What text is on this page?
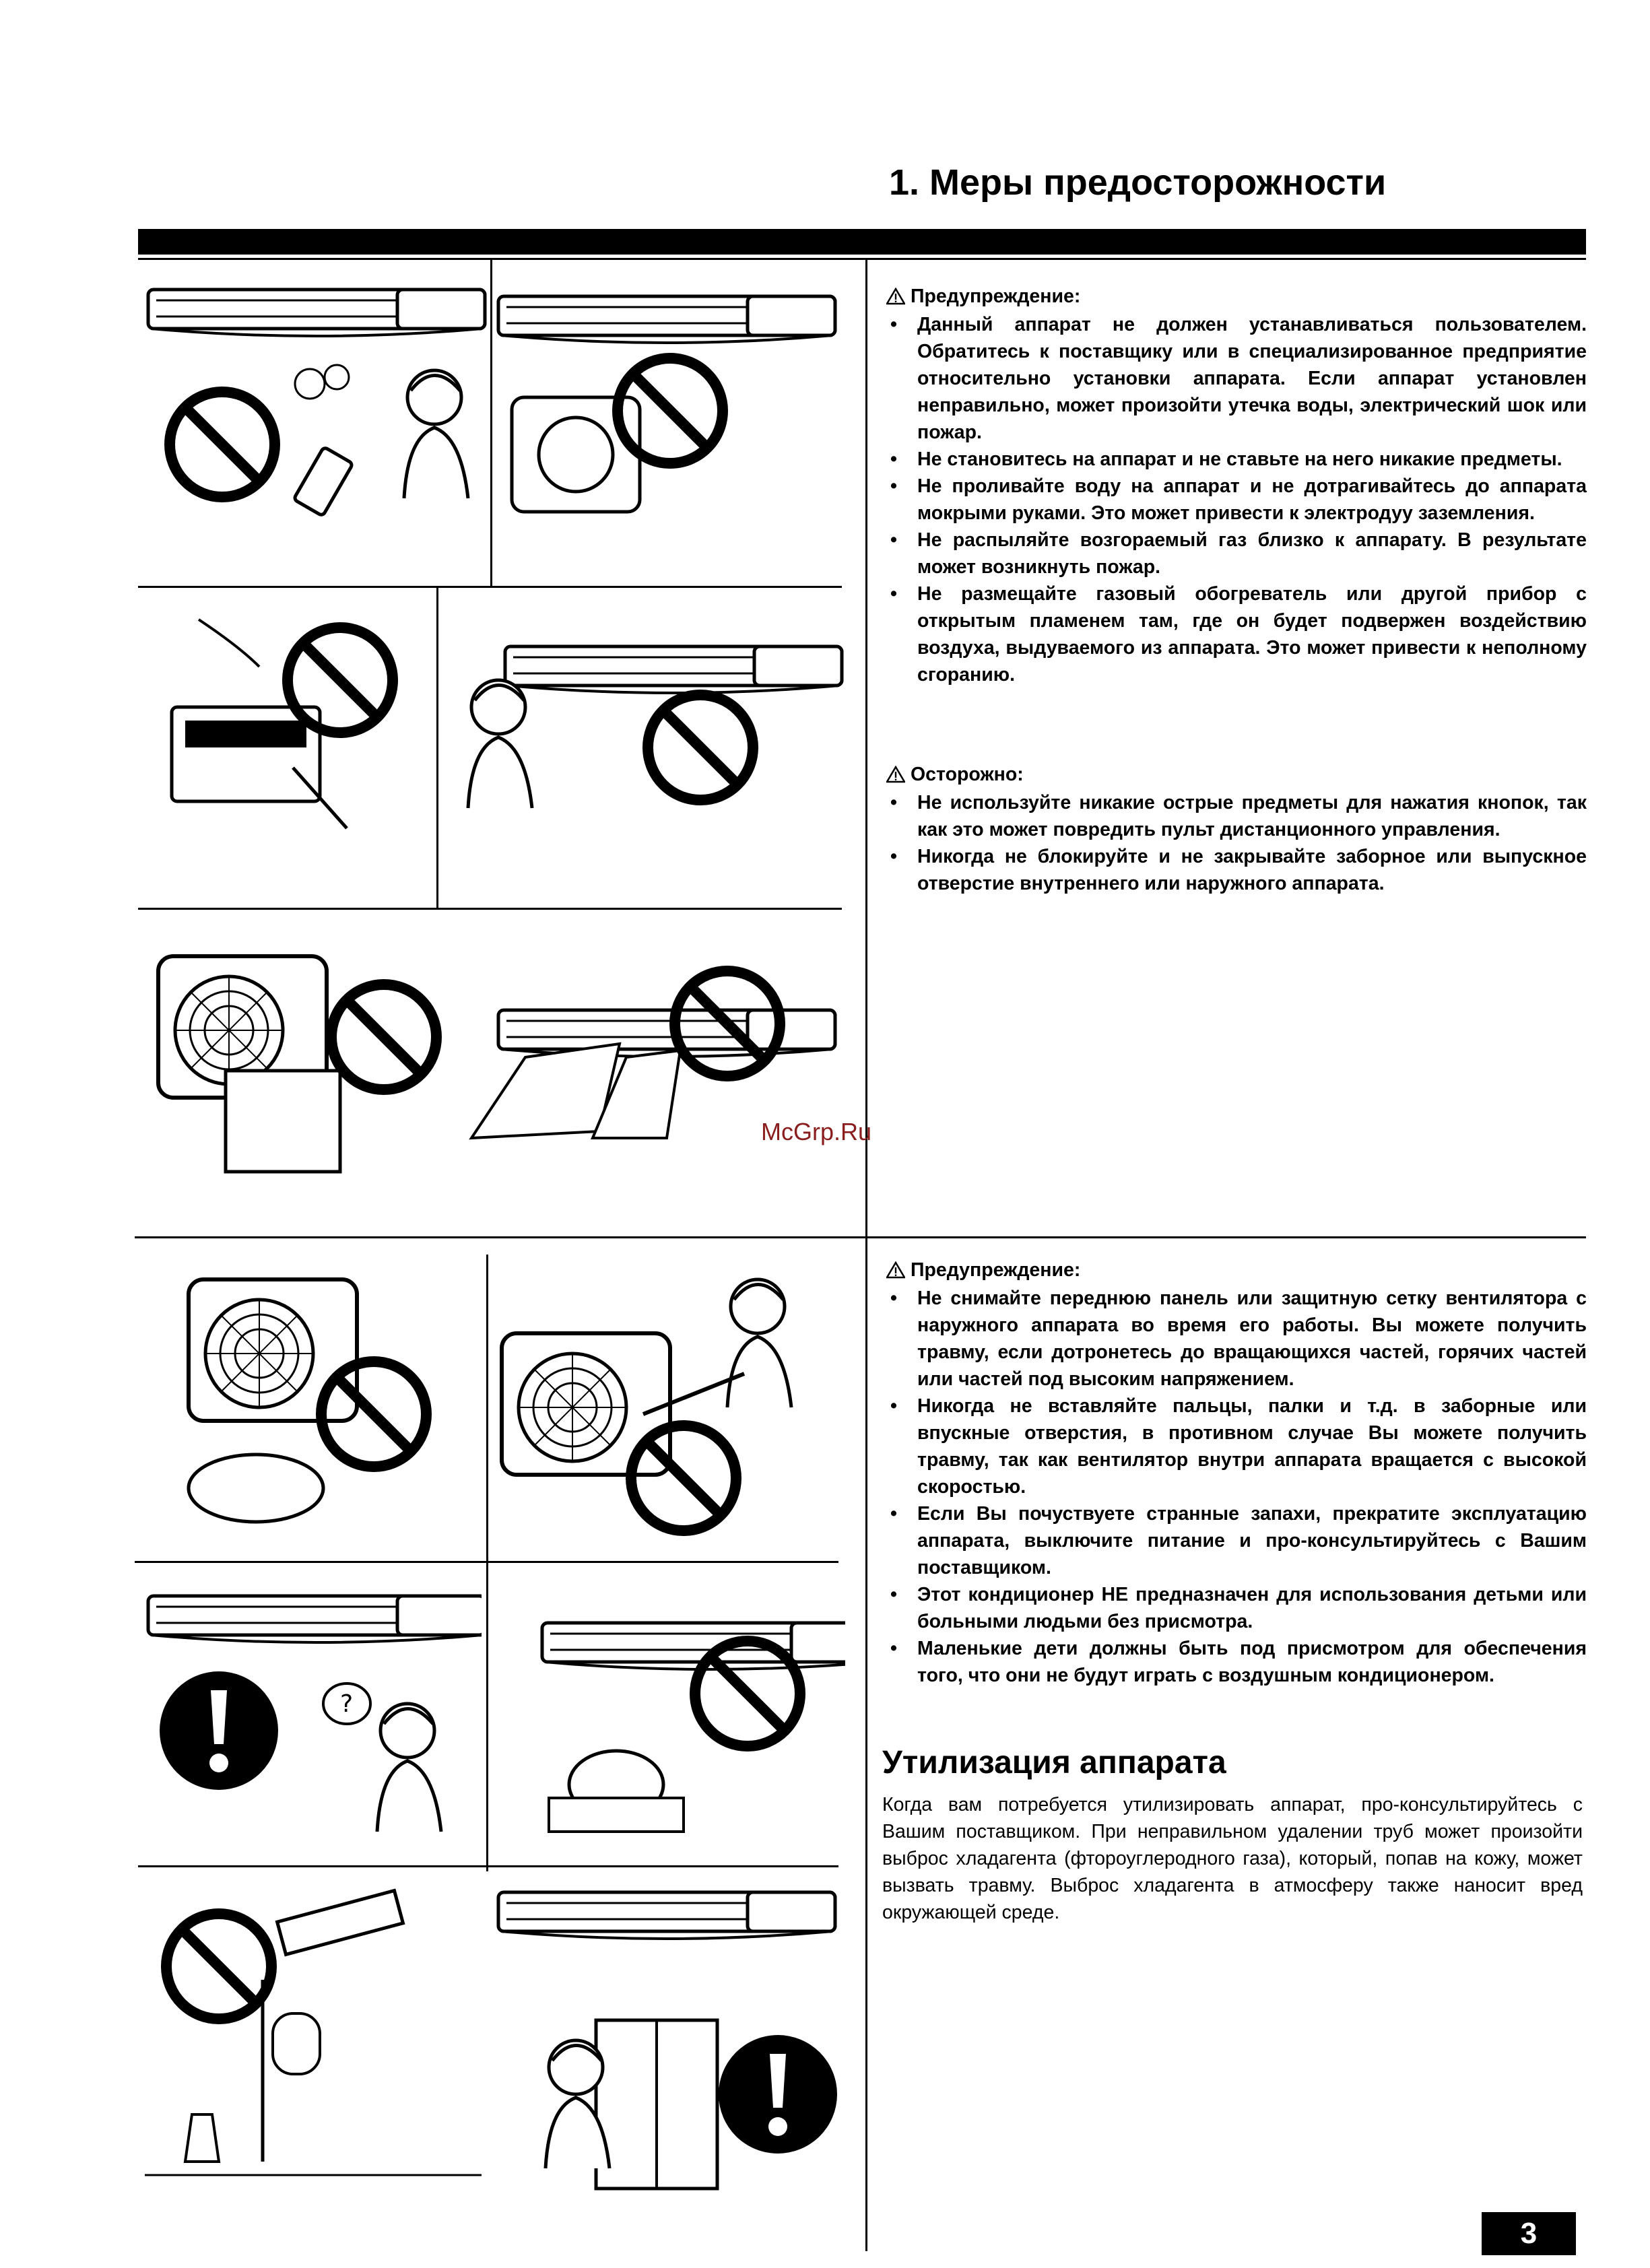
1. Меры предосторожности
?
Предупреждение:
• Данный аппарат не должен устанавливаться пользователем. Обратитесь к поставщику или в специализированное предприятие относительно установки аппарата. Если аппарат установлен неправильно, может произойти утечка воды, электрический шок или пожар.
• Не становитесь на аппарат и не ставьте на него никакие предметы.
• Не проливайте воду на аппарат и не дотрагивайтесь до аппарата мокрыми руками. Это может привести к электродуу заземления.
• Не распыляйте возгораемый газ близко к аппарату. В результате может возникнуть пожар.
• Не размещайте газовый обогреватель или другой прибор с открытым пламенем там, где он будет подвержен воздействию воздуха, выдуваемого из аппарата. Это может привести к неполному сгоранию.
Осторожно:
• Не используйте никакие острые предметы для нажатия кнопок, так как это может повредить пульт дистанционного управления.
• Никогда не блокируйте и не закрывайте заборное или выпускное отверстие внутреннего или наружного аппарата.
Предупреждение:
• Не снимайте переднюю панель или защитную сетку вентилятора с наружного аппарата во время его работы. Вы можете получить травму, если дотронетесь до вращающихся частей, горячих частей или частей под высоким напряжением.
• Никогда не вставляйте пальцы, палки и т.д. в заборные или впускные отверстия, в противном случае Вы можете получить травму, так как вентилятор внутри аппарата вращается с высокой скоростью.
• Если Вы почуствуете странные запахи, прекратите эксплуатацию аппарата, выключите питание и про-консультируйтесь с Вашим поставщиком.
• Этот кондиционер НЕ предназначен для использования детьми или больными людьми без присмотра.
• Маленькие дети должны быть под присмотром для обеспечения того, что они не будут играть с воздушным кондиционером.
Утилизация аппарата
Когда вам потребуется утилизировать аппарат, про-консультируйтесь с Вашим поставщиком. При неправильном удалении труб может произойти выброс хладагента (фтороуглеродного газа), который, попав на кожу, может вызвать травму. Выброс хладагента в атмосферу также наносит вред окружающей среде.
McGrp.Ru
3
